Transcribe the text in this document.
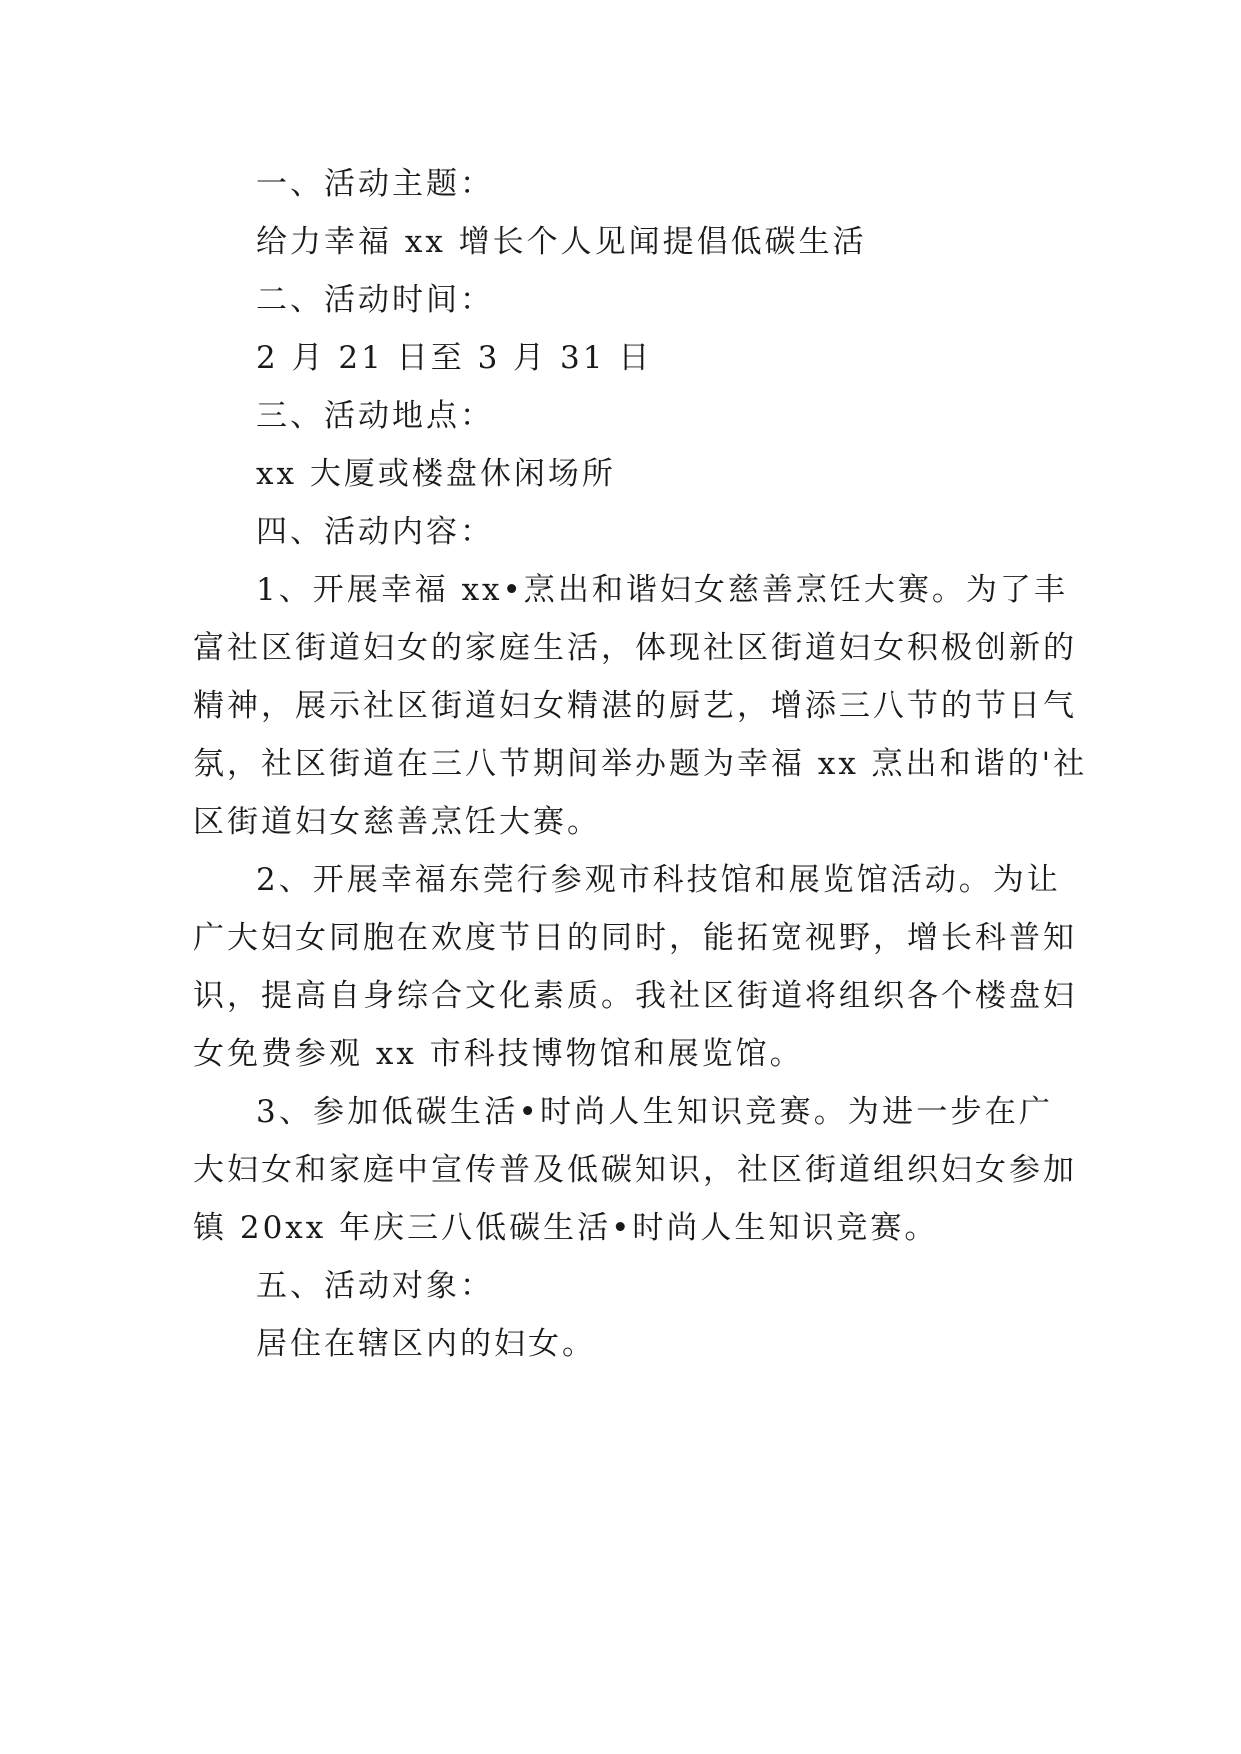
一、活动主题：
给力幸福 xx 增长个人见闻提倡低碳生活
二、活动时间：
2 月 21 日至 3 月 31 日
三、活动地点：
xx 大厦或楼盘休闲场所
四、活动内容：
1、开展幸福 xx•烹出和谐妇女慈善烹饪大赛。为了丰
富社区街道妇女的家庭生活，体现社区街道妇女积极创新的
精神，展示社区街道妇女精湛的厨艺，增添三八节的节日气
氛，社区街道在三八节期间举办题为幸福 xx 烹出和谐的'社
区街道妇女慈善烹饪大赛。
2、开展幸福东莞行参观市科技馆和展览馆活动。为让
广大妇女同胞在欢度节日的同时，能拓宽视野，增长科普知
识，提高自身综合文化素质。我社区街道将组织各个楼盘妇
女免费参观 xx 市科技博物馆和展览馆。
3、参加低碳生活•时尚人生知识竞赛。为进一步在广
大妇女和家庭中宣传普及低碳知识，社区街道组织妇女参加
镇 20xx 年庆三八低碳生活•时尚人生知识竞赛。
五、活动对象：
居住在辖区内的妇女。
